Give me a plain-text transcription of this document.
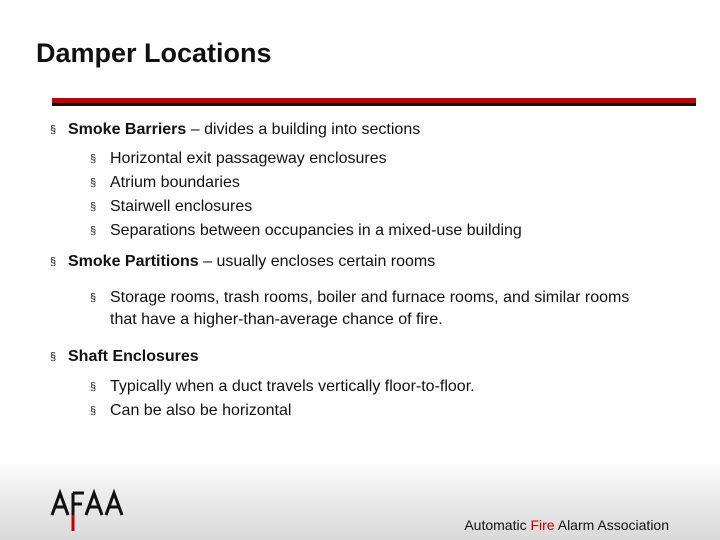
Damper Locations
§ Smoke Barriers – divides a building into sections
§ Horizontal exit passageway enclosures
§ Atrium boundaries
§ Stairwell enclosures
§ Separations between occupancies in a mixed-use building
§ Smoke Partitions – usually encloses certain rooms
§ Storage rooms, trash rooms, boiler and furnace rooms, and similar rooms that have a higher-than-average chance of fire.
§ Shaft Enclosures
§ Typically when a duct travels vertically floor-to-floor.
§ Can be also be horizontal
Automatic Fire Alarm Association
